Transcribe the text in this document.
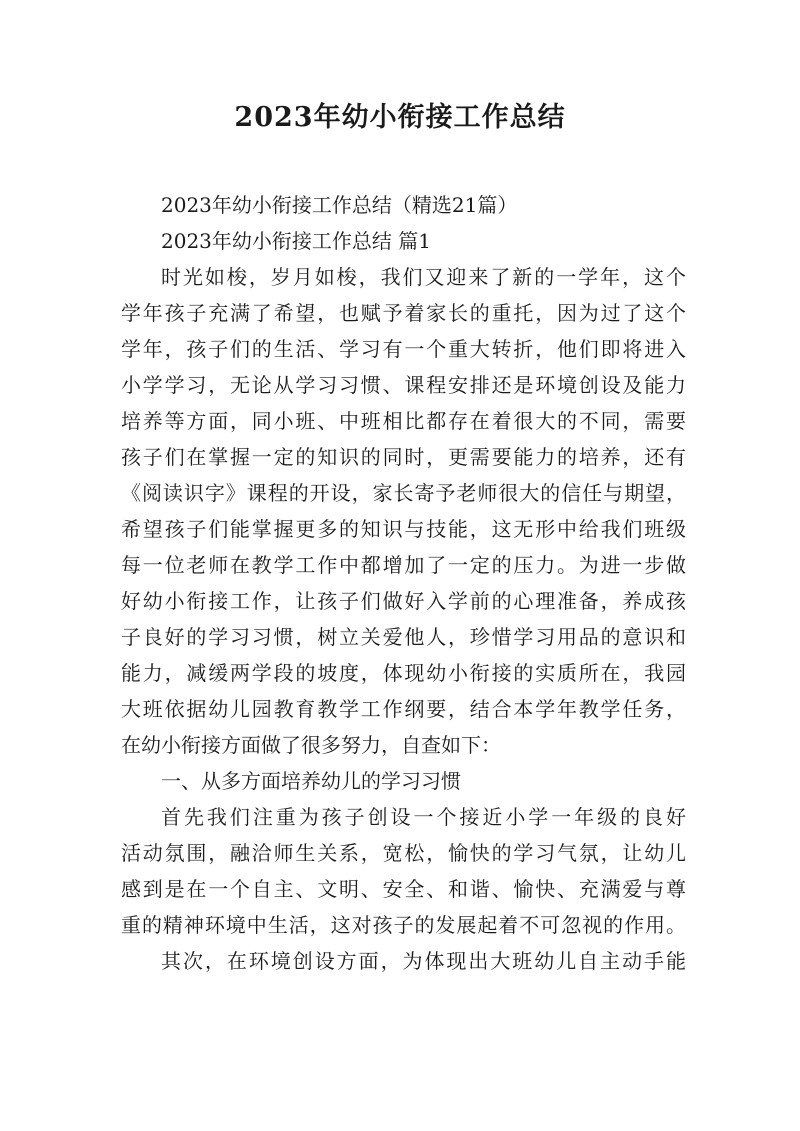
2023年幼小衔接工作总结
2023年幼小衔接工作总结（精选21篇）
2023年幼小衔接工作总结 篇1
时光如梭，岁月如梭，我们又迎来了新的一学年，这个
学年孩子充满了希望，也赋予着家长的重托，因为过了这个
学年，孩子们的生活、学习有一个重大转折，他们即将进入
小学学习，无论从学习习惯、课程安排还是环境创设及能力
培养等方面，同小班、中班相比都存在着很大的不同，需要
孩子们在掌握一定的知识的同时，更需要能力的培养，还有
《阅读识字》课程的开设，家长寄予老师很大的信任与期望，
希望孩子们能掌握更多的知识与技能，这无形中给我们班级
每一位老师在教学工作中都增加了一定的压力。为进一步做
好幼小衔接工作，让孩子们做好入学前的心理准备，养成孩
子良好的学习习惯，树立关爱他人，珍惜学习用品的意识和
能力，减缓两学段的坡度，体现幼小衔接的实质所在，我园
大班依据幼儿园教育教学工作纲要，结合本学年教学任务，
在幼小衔接方面做了很多努力，自查如下：
一、从多方面培养幼儿的学习习惯
首先我们注重为孩子创设一个接近小学一年级的良好
活动氛围，融洽师生关系，宽松，愉快的学习气氛，让幼儿
感到是在一个自主、文明、安全、和谐、愉快、充满爱与尊
重的精神环境中生活，这对孩子的发展起着不可忽视的作用。
其次，在环境创设方面，为体现出大班幼儿自主动手能
